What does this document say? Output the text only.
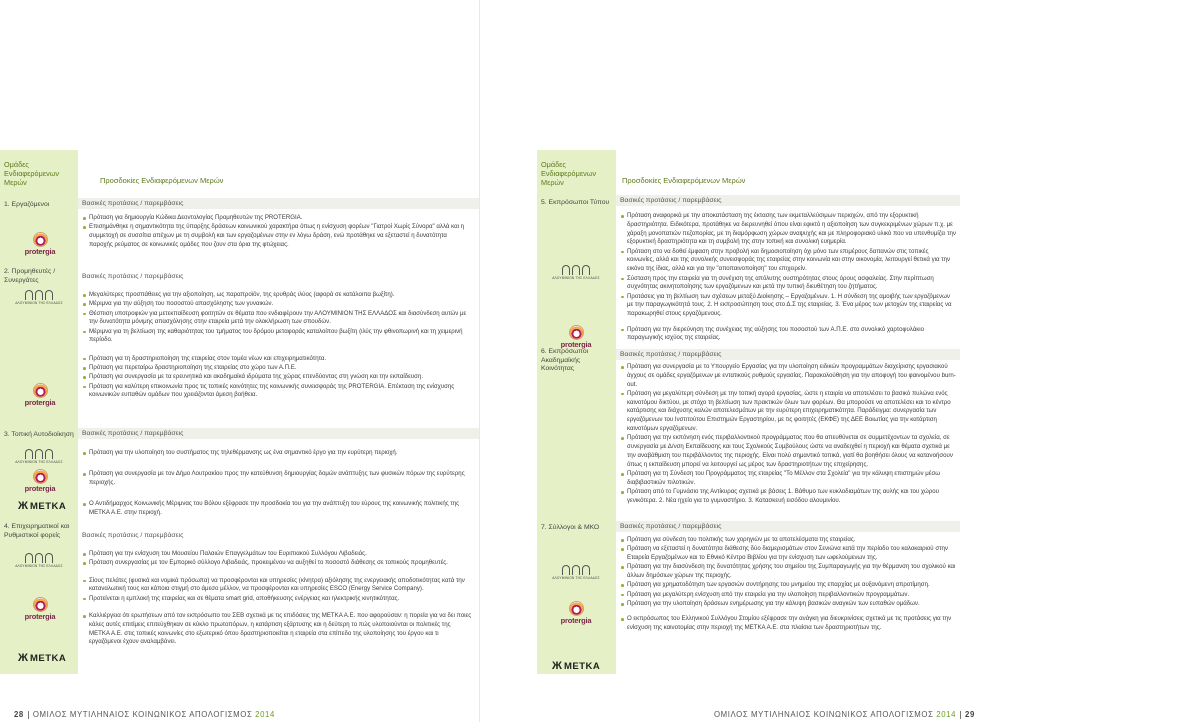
Ομάδες Ενδιαφερόμενων Μερών	Προσδοκίες Ενδιαφερόμενων Μερών
1. Εργαζόμενοι	Βασικές προτάσεις / παρεμβάσεις
protergia
Πρόταση για δημιουργία Κώδικα Δεοντολογίας Προμηθευτών της PROTERGIA.
Επισημάνθηκε η σημαντικότητα της ύπαρξης δράσεων κοινωνικού χαρακτήρα όπως η ενίσχυση φορέων "Γιατροί Χωρίς Σύνορα" αλλά και η συμμετοχή σε συσσίτια απέχων με τη συμβολή και των εργαζομένων στην εν λόγω δράση, ενώ προτάθηκε να εξεταστεί η δυνατότητα παροχής ρεύματος σε κοινωνικές ομάδες που ζουν στα όρια της φτώχειας.
2. Προμηθευτές / Συνεργάτες	Βασικές προτάσεις / παρεμβάσεις
ΑΛΟΥΜΙΝΙΟΝ ΤΗΣ ΕΛΛΑΔΟΣ
protergia
Μεγαλύτερες προσπάθειες για την αξιοποίηση, ως παραπροϊόν, της ερυθράς ιλύος (αφορά σε κατάλοιπα βωξίτη).
Μέριμνα για την αύξηση του ποσοστού απασχόλησης των γυναικών.
Θέσπιση υποτροφιών για μετεκπαίδευση φοιτητών σε θέματα που ενδιαφέρουν την ΑΛΟΥΜΙΝΙΟΝ ΤΗΣ ΕΛΛΑΔΟΣ και διασύνδεση αυτών με την δυνατότητα μόνιμης απασχόλησης στην εταιρεία μετά την ολοκλήρωση των σπουδών.
Μέριμνα για τη βελτίωση της καθαριότητας του τμήματος του δρόμου μεταφοράς καταλοίπου βωξίτη (ιλύς την φθινοπωρινή και τη χειμερινή περίοδο.
Πρόταση για τη δραστηριοποίηση της εταιρείας στον τομέα νέων και επιχειρηματικότητα.
Πρόταση για περεταίρω δραστηριοποίηση της εταιρείας στο χώρο των Α.Π.Ε.
Πρόταση για συνεργασία με τα ερευνητικά και ακαδημαϊκά ιδρύματα της χώρας επενδύοντας στη γνώση και την εκπαίδευση.
Πρόταση για καλύτερη επικοινωνία προς τις τοπικές κοινότητες της κοινωνικής συνεισφοράς της PROTERGIA. Επέκταση της ενίσχυσης κοινωνικών ευπαθών ομάδων που χρειάζονται άμεση βοήθεια.
3. Τοπική Αυτοδιοίκηση	Βασικές προτάσεις / παρεμβάσεις
ΑΛΟΥΜΙΝΙΟΝ ΤΗΣ ΕΛΛΑΔΟΣ
protergia
Ж METKA
Πρόταση για την υλοποίηση του συστήματος της τηλεθέρμανσης ως ένα σημαντικό έργο για την ευρύτερη περιοχή.
Πρόταση για συνεργασία με τον Δήμο Λουτρακίου προς την κατεύθυνση δημιουργίας δομών ανάπτυξης των φυσικών πόρων της ευρύτερης περιοχής.
Ο Αντιδήμαρχος Κοινωνικής Μέριμνας του Βόλου εξέφρασε την προσδοκία του για την ανάπτυξη του εύρους της κοινωνικής πολιτικής της ΜΕΤΚΑ Α.Ε. στην περιοχή.
4. Επιχειρηματικοί και Ρυθμιστικοί φορείς	Βασικές προτάσεις / παρεμβάσεις
ΑΛΟΥΜΙΝΙΟΝ ΤΗΣ ΕΛΛΑΔΟΣ
protergia
Ж METKA
Πρόταση για την ενίσχυση του Μουσείου Παλαιών Επαγγελμάτων του Ευριπιακού Συλλόγου Λιβαδειάς.
Πρόταση συνεργασίας με τον Εμπορικό σύλλογο Λιβαδειάς, προκειμένου να αυξηθεί το ποσοστό διάθεσης σε τοπικούς προμηθευτές.
Σίους πελάτες (φυσικά και νομικά πρόσωπα) να προσφέρονται και υπηρεσίες (κίνητρα) αξιόλησης της ενεργειακής αποδοτικότητας κατά την καταναλωτική τους και κάποια στιγμή στο άμεσο μέλλον, να προσφέρονται και υπηρεσίες ESCO (Energy Service Company).
Προτείνεται η εμπλοκή της εταιρείας και σε θέματα smart grid, αποθήκευσης ενέργειας και ηλεκτρικής κινητικότητας.
Καλλιέργεια ότι ερωτήσεων από τον εκπρόσωπο του ΣΕΒ σχετικά με τις επιδόσεις της ΜΕΤΚΑ Α.Ε. που αφορούσαν: η πορεία για να δει ποιες κάλες αυτές επιτίμεις επιτεύχθηκαν σε κύκλο πρωτοπόρων, η κατάρτιση εξάρτυσης και η δεύτερη το πώς υλοποιούνται οι πολιτικές της ΜΕΤΚΑ Α.Ε. στις τοπικές κοινωνίες στο εξωτερικό όπου δραστηριοποιείται η εταιρεία στα επίπεδο της υλοποίησης του έργου και τι εργαζόμενοι έχουν αναλαμβάνει.
28 ΟΜΙΛΟΣ ΜΥΤΙΛΗΝΑΙΟΣ ΚΟΙΝΩΝΙΚΟΣ ΑΠΟΛΟΓΙΣΜΟΣ 2014
Ομάδες Ενδιαφερόμενων Μερών	Προσδοκίες Ενδιαφερόμενων Μερών
5. Εκπρόσωποι Τύπου	Βασικές προτάσεις / παρεμβάσεις
ΑΛΟΥΜΙΝΙΟΝ ΤΗΣ ΕΛΛΑΔΟΣ
protergia
Πρόταση αναφορικά με την αποκατάσταση της έκτασης των εκμεταλλεύσιμων περιοχών, από την εξορυκτική δραστηριότητα. Ειδικότερα, προτάθηκε να διερευνηθεί όπου είναι εφικτό η αξιοποίηση των συγκεκριμένων χώρων π.χ. με χάραξη μονοπατιών πεζοπορίας, με τη διαμόρφωση χώρων αναψυχής και με πληροφοριακό υλικό που να υπενθυμίζει την εξορυκτική δραστηριότητα και τη συμβολή της στην τοπική και συνολική ευημερία.
Πρόταση στο να δοθεί έμφαση στην προβολή και δημοσιοποίηση όχι μόνο των επιμέρους δαπανών στις τοπικές κοινωνίες, αλλά και της συνολικής συνεισφοράς της εταιρείας στην κοινωνία και στην οικονομία, λειτουργεί θετικά για την εικόνα της ίδιας, αλλά και για την "αποπαινοποίηση" του επιχειρείν.
Σύσταση προς την εταιρεία για τη συνέχιση της απόλυτης ουστηρότητας στους όρους ασφαλείας. Στην περίπτωση συχνότητας ακινητοποίησης των εργαζόμενων και μετά την τυπική διευθέτηση του ζητήματος.
Προτάσεις για τη βελτίωση των σχέσεων μεταξύ Διοίκησης – Εργαζομένων. 1. Η σύνδεση της αμοιβής των εργαζόμενων με την παραγωγικότητά τους. 2. Η εκπροσώπηση τους στο Δ.Σ της εταιρείας. 3. Ένα μέρος των μετοχών της εταιρείας να παρακωρηθεί στους εργαζόμενους.
Πρόταση για την διερεύνηση της συνέχειας της αύξησης του ποσοστού των Α.Π.Ε. στο συνολικό χαρτοφυλάκιο παραγωγικής ισχύος της εταιρείας.
6. Εκπρόσωποι Ακαδημαϊκής Κοινότητας
Βασικές προτάσεις / παρεμβάσεις
Πρόταση για συνεργασία με το Υπουργείο Εργασίας για την υλοποίηση ειδικών προγραμμάτων διαχείρισης εργασιακού άγχους σε ομάδες εργαζόμενων με εντατικούς ρυθμούς εργασίας. Παρακολούθηση για την αποφυγή του φαινομένου burn-out.
Πρόταση για μεγαλύτερη σύνδεση με την τοπική αγορά εργασίας, ώστε η εταιρία να αποτελέσει το βασικό πυλώνα ενός καινοτόμου δικτύου, με στόχο τη βελτίωση των πρακτικών όλων των φορέων. Θα μπορούσε να αποτελέσει και το κέντρο κατάρτισης και διάχυσης καλών αποτελεσμάτων με την ευρύτερη επιχειρηματικότητα. Παράδειγμα: συνεργασία των εργαζόμενων του Ινστιτούτου Επιστημών Εργαστηρίου, με τις φοιτητές (ΕΚΦΕ) της ΔΕΕ Βοιωτίας για την κατάρτιση καινοτόμων εργαζόμενων.
Πρόταση για την εκπόνηση ενός περιβαλλοντικού προγράμματος που θα απευθύνεται σε συμμετέχοντων τα σχολεία, σε συνεργασία με Δ/νση Εκπαίδευσης και τους Σχολικούς Συμβούλους ώστε να αναδειχθεί η περιοχή και θέματα σχετικά με την αναβάθμιση του περιβάλλοντος της περιοχής. Είναι πολύ σημαντικό τοπικά, γιατί θα βοηθήσει όλους να κατανοήσουν όπως η εκπαίδευση μπορεί να λειτουργεί ως μέρος των δραστηριοτήτων της επιχείρησης.
Πρόταση για τη Σύνδεση του Προγράμματος της εταιρείας "Το Μέλλον στα Σχολεία" για την κάλυψη επιστημών μέσω διαβιβαστικών πιλοτικών.
Πρόταση από το Γυμνάσιο της Αντίκυρας σχετικά με βάσεις 1. Βάθυμο των κυκλοδιαμάτων της αυλής και του χώρου γενικότερα. 2. Νέα ηχείο για το γυμναστήριο. 3. Κατασκευή εισόδου αλουμινίου.
7. Σύλλογοι & ΜΚΟ	Βασικές προτάσεις / παρεμβάσεις
ΑΛΟΥΜΙΝΙΟΝ ΤΗΣ ΕΛΛΑΔΟΣ
protergia
Ж METKA
Πρόταση για σύνδεση του πολιτικής των χορηγιών με τα αποτελέσματα της εταιρείας.
Πρόταση να εξεταστεί η δυνατότητα διάθεσης δύο διαμερισμάτων στον Σενιώνα κατά την περίοδο του καλοκαιριού στην Εταιρεία Εργαζομένων και το Εθνικό Κέντρο Βιβλίου για την ενίσχυση των ωφελούμενων της.
Πρόταση για την διασύνδεση της δυνατότητας χρήσης του σημείου της Συμπαραγωγής για την θέρμανση του σχολικού και άλλων δημόσιων χώρων της περιοχής.
Πρόταση για χρηματοδότηση των εργασιών συντήρησης του μνημείου της επαρχίας με αυξανόμενη απροτίμηση.
Πρόταση για μεγαλύτερη ενίσχυση από την εταιρεία για την υλοποίηση περιβαλλοντικών προγραμμάτων.
Πρόταση για την υλοποίηση δράσεων ενημέρωσης για την κάλυψη βασικών αναγκών των ευπαθών ομάδων.
Ο εκπρόσωπος του Ελληνικού Συλλόγου Στομίου εξέφρασε την ανάγκη για διευκρινίσεις σχετικά με τις προτάσεις για την ενίσχυση της καινοτομίας στην περιοχή της ΜΕΤΚΑ Α.Ε. στα πλαίσια των δραστηριοτήτων της.
ΟΜΙΛΟΣ ΜΥΤΙΛΗΝΑΙΟΣ ΚΟΙΝΩΝΙΚΟΣ ΑΠΟΛΟΓΙΣΜΟΣ 2014 29
